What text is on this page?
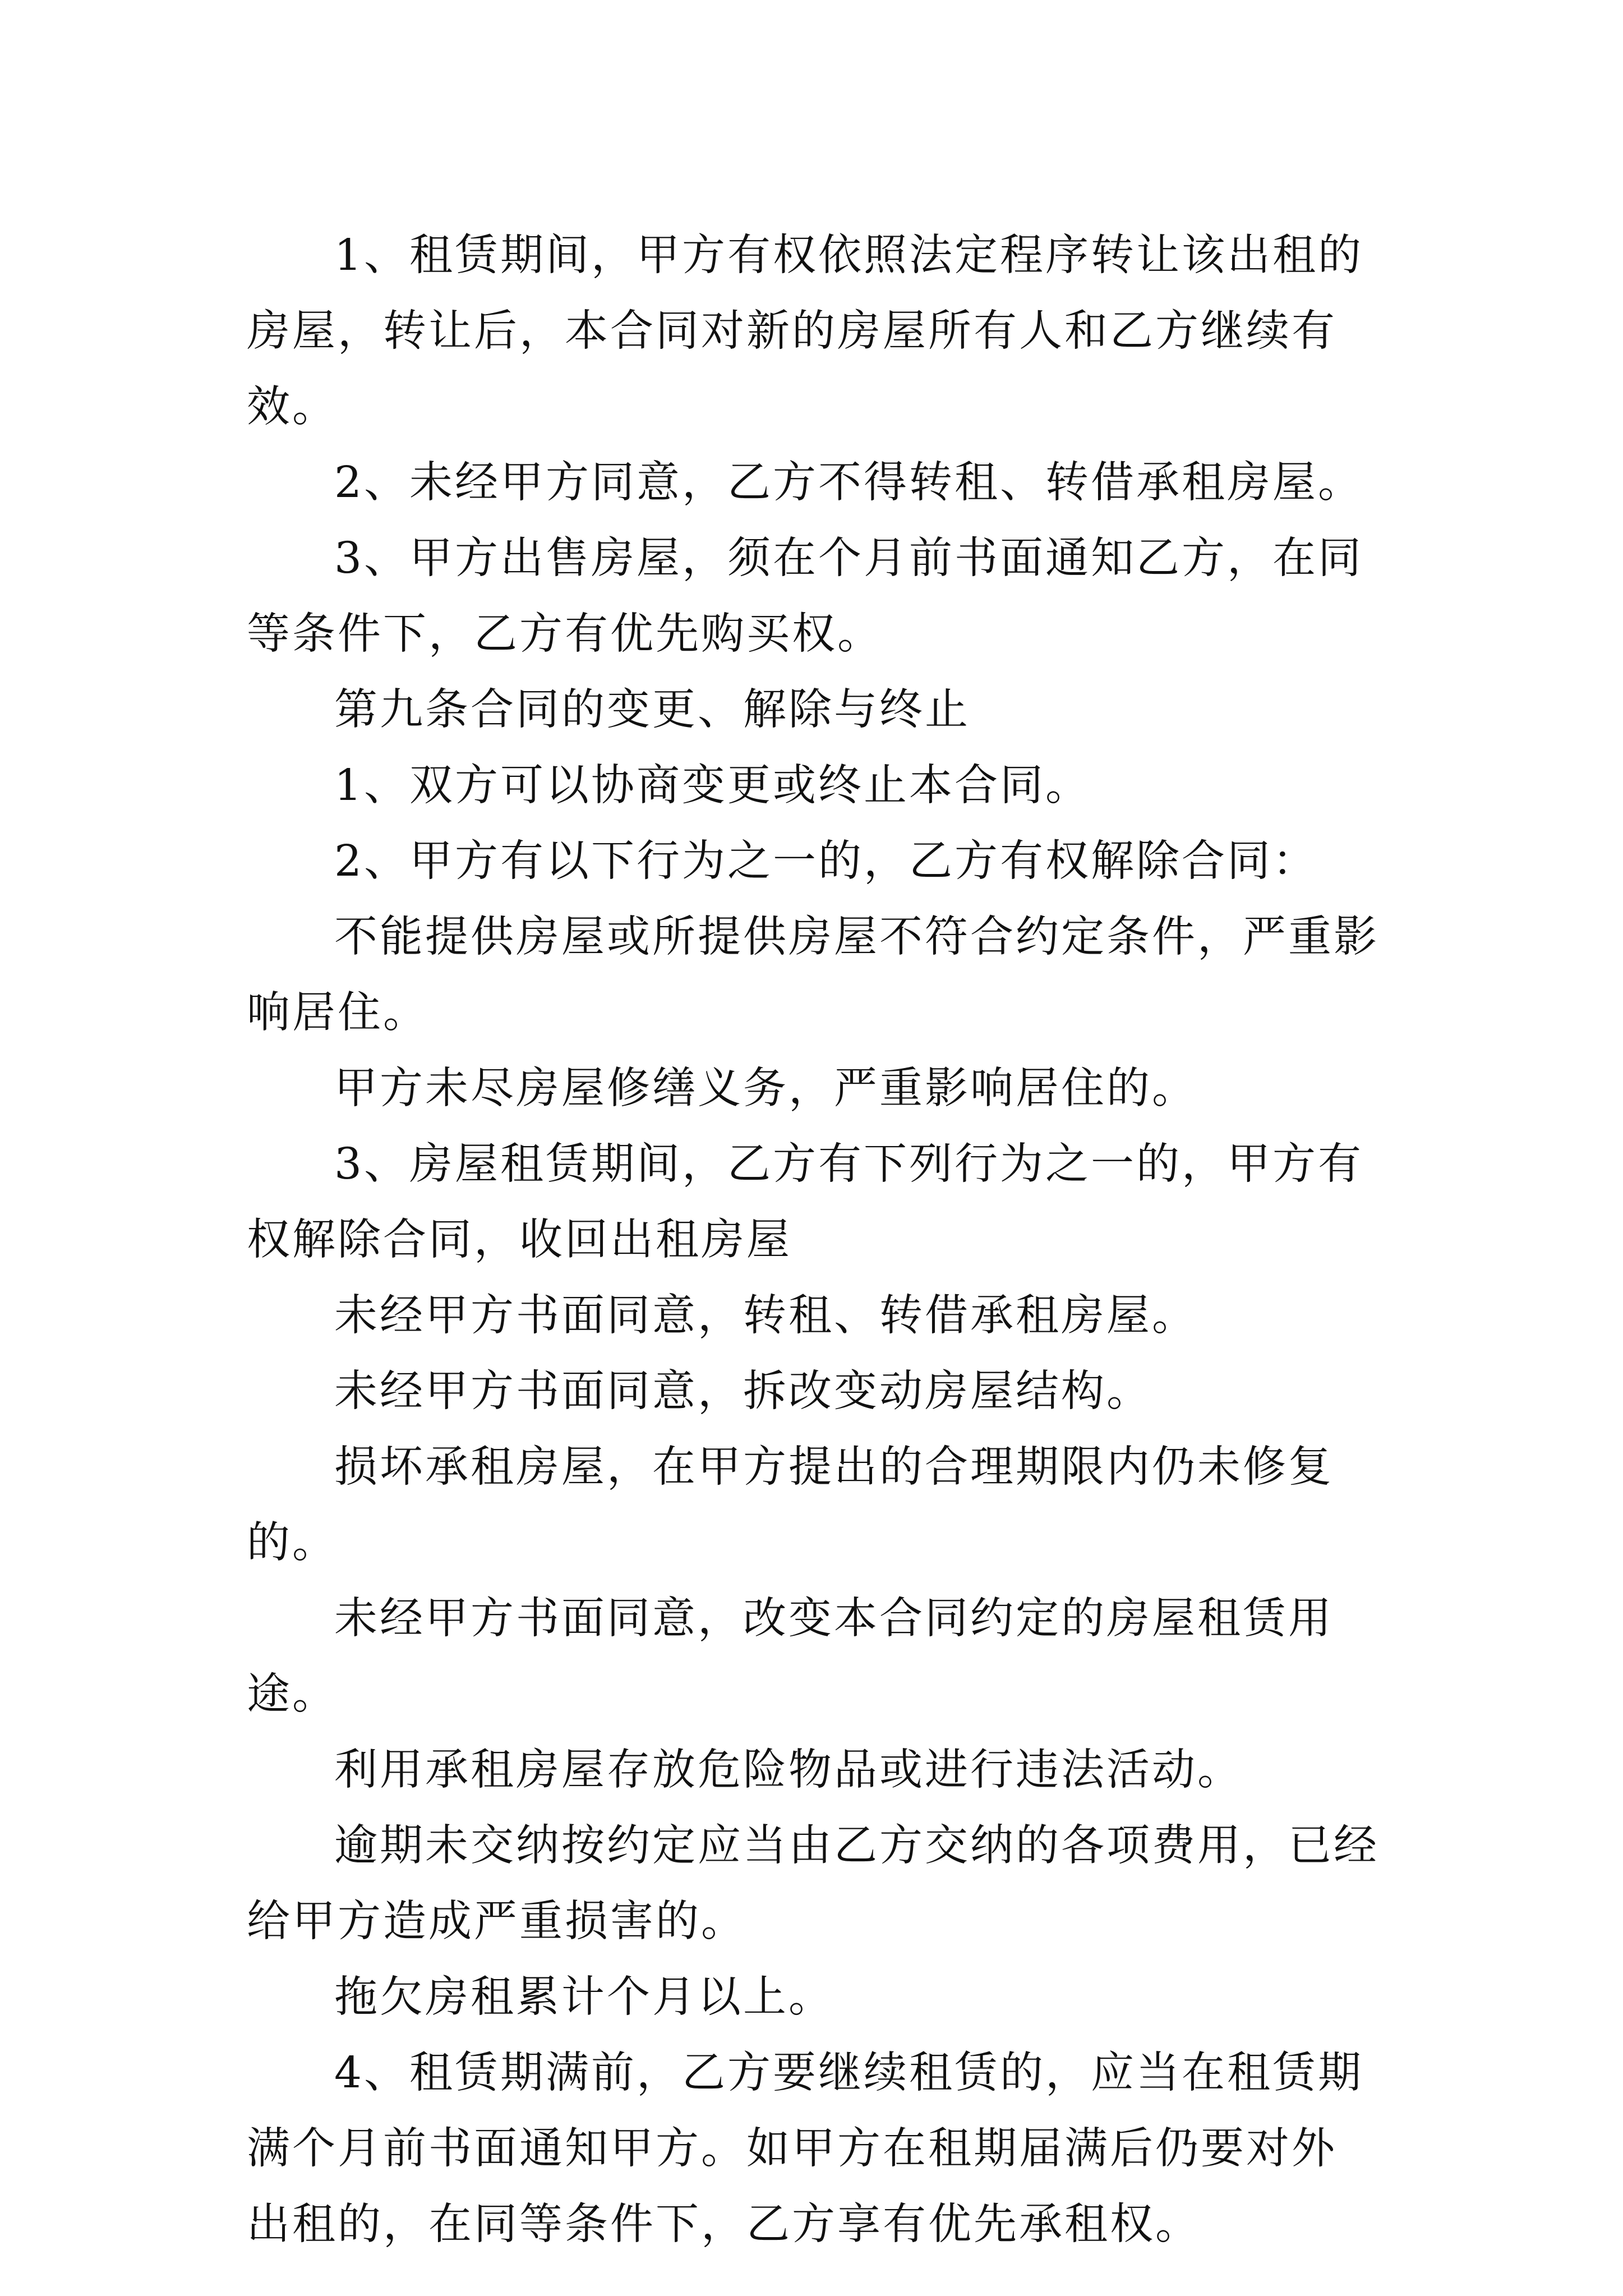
1、租赁期间，甲方有权依照法定程序转让该出租的房屋，转让后，本合同对新的房屋所有人和乙方继续有效。

2、未经甲方同意，乙方不得转租、转借承租房屋。

3、甲方出售房屋，须在个月前书面通知乙方，在同等条件下，乙方有优先购买权。

第九条合同的变更、解除与终止

1、双方可以协商变更或终止本合同。

2、甲方有以下行为之一的，乙方有权解除合同：

不能提供房屋或所提供房屋不符合约定条件，严重影响居住。

甲方未尽房屋修缮义务，严重影响居住的。

3、房屋租赁期间，乙方有下列行为之一的，甲方有权解除合同，收回出租房屋

未经甲方书面同意，转租、转借承租房屋。

未经甲方书面同意，拆改变动房屋结构。

损坏承租房屋，在甲方提出的合理期限内仍未修复的。

未经甲方书面同意，改变本合同约定的房屋租赁用途。

利用承租房屋存放危险物品或进行违法活动。

逾期未交纳按约定应当由乙方交纳的各项费用，已经给甲方造成严重损害的。

拖欠房租累计个月以上。

4、租赁期满前，乙方要继续租赁的，应当在租赁期满个月前书面通知甲方。如甲方在租期届满后仍要对外出租的，在同等条件下，乙方享有优先承租权。
